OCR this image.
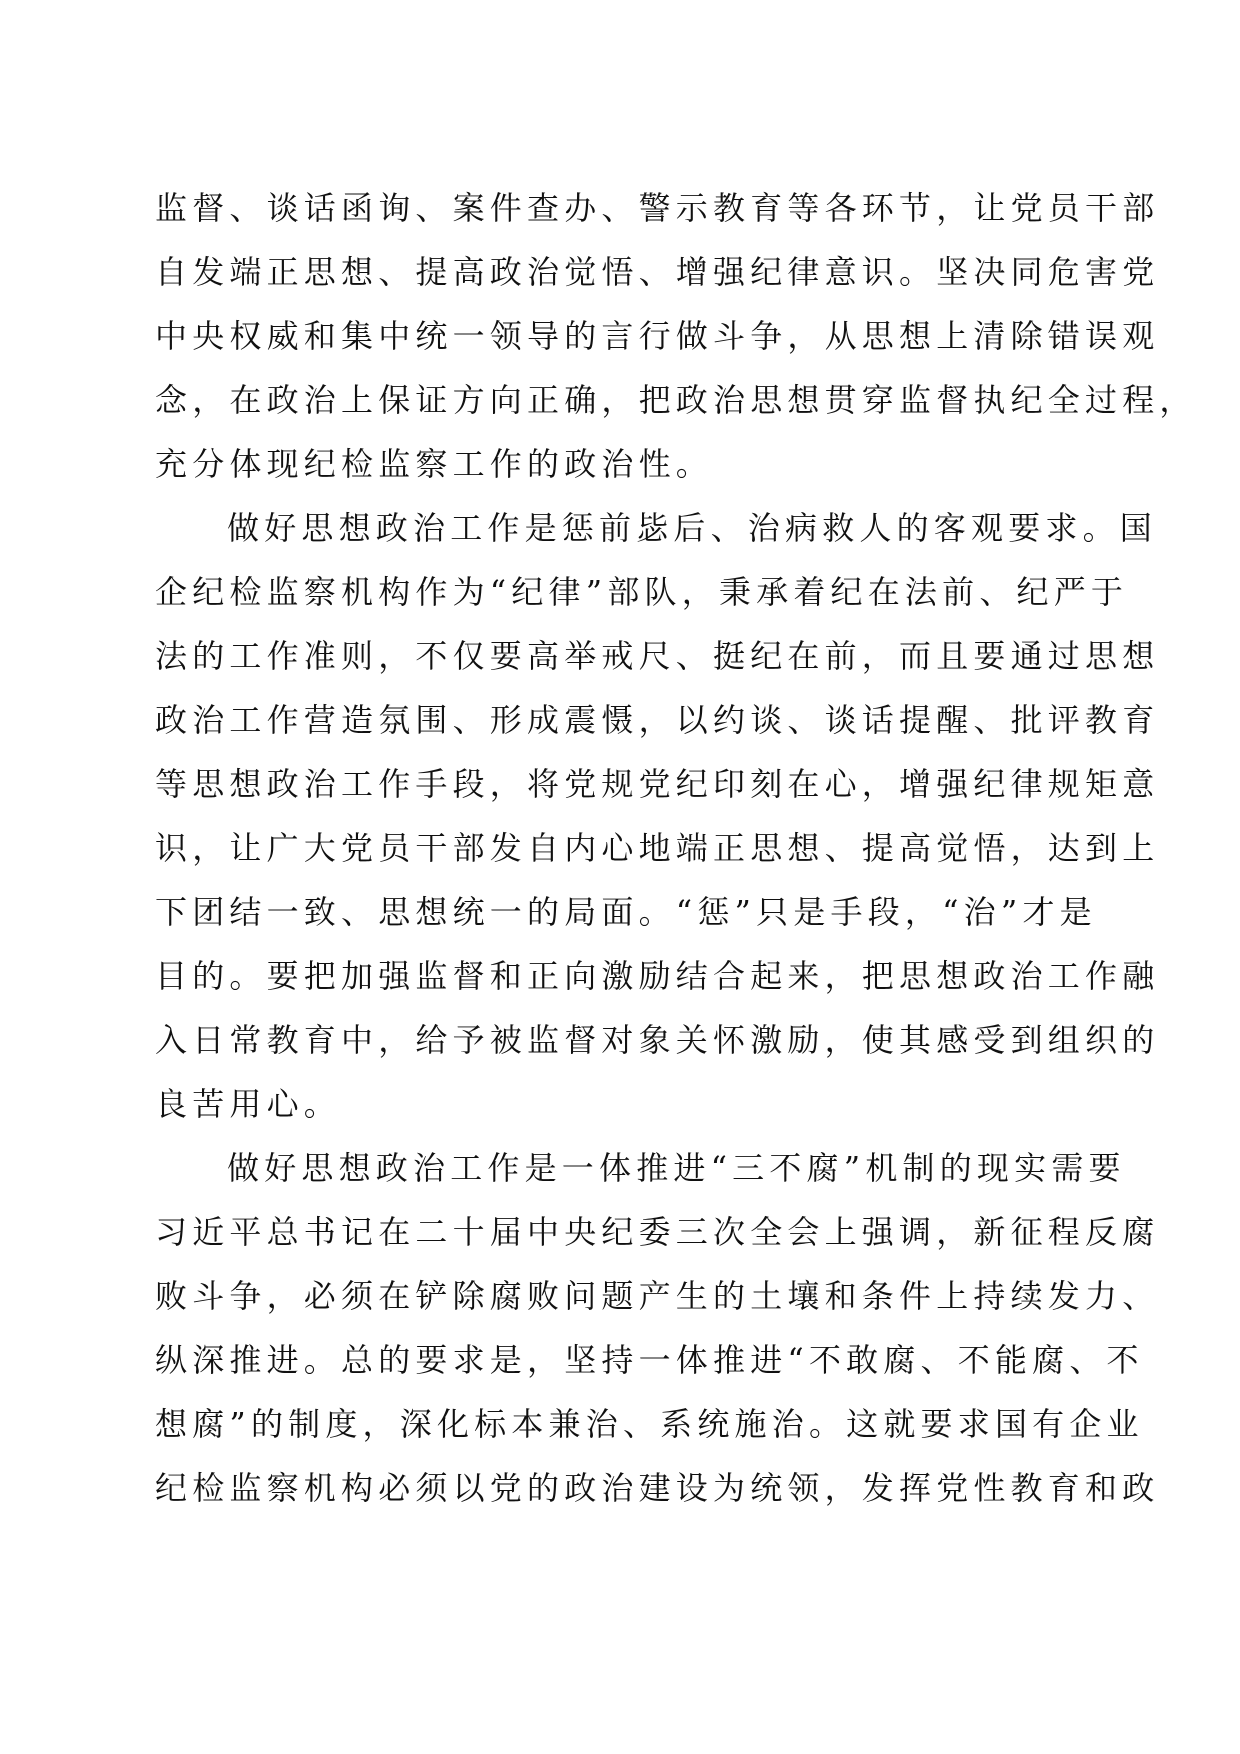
监督、谈话函询、案件查办、警示教育等各环节，让党员干部
自发端正思想、提高政治觉悟、增强纪律意识。坚决同危害党
中央权威和集中统一领导的言行做斗争，从思想上清除错误观
念，在政治上保证方向正确，把政治思想贯穿监督执纪全过程，
充分体现纪检监察工作的政治性。
做好思想政治工作是惩前毖后、治病救人的客观要求。国
企纪检监察机构作为“纪律”部队，秉承着纪在法前、纪严于
法的工作准则，不仅要高举戒尺、挺纪在前，而且要通过思想
政治工作营造氛围、形成震慑，以约谈、谈话提醒、批评教育
等思想政治工作手段，将党规党纪印刻在心，增强纪律规矩意
识，让广大党员干部发自内心地端正思想、提高觉悟，达到上
下团结一致、思想统一的局面。“惩”只是手段，“治”才是
目的。要把加强监督和正向激励结合起来，把思想政治工作融
入日常教育中，给予被监督对象关怀激励，使其感受到组织的
良苦用心。
做好思想政治工作是一体推进“三不腐”机制的现实需要
习近平总书记在二十届中央纪委三次全会上强调，新征程反腐
败斗争，必须在铲除腐败问题产生的土壤和条件上持续发力、
纵深推进。总的要求是，坚持一体推进“不敢腐、不能腐、不
想腐”的制度，深化标本兼治、系统施治。这就要求国有企业
纪检监察机构必须以党的政治建设为统领，发挥党性教育和政
